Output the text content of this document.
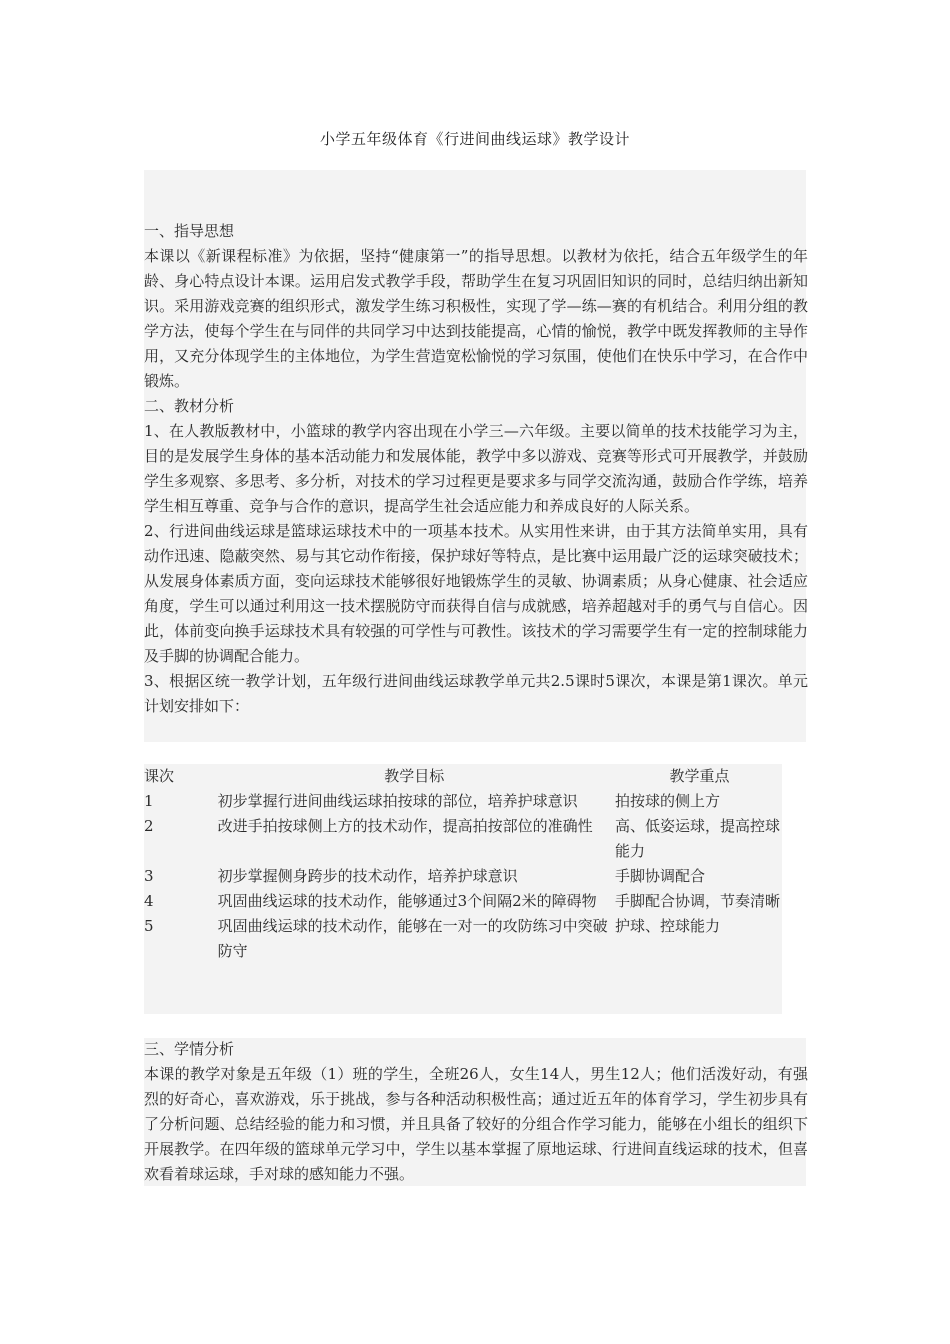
小学五年级体育《行进间曲线运球》教学设计

一、指导思想

本课以《新课程标准》为依据，坚持“健康第一”的指导思想。以教材为依托，结合五年级学生的年龄、身心特点设计本课。运用启发式教学手段，帮助学生在复习巩固旧知识的同时，总结归纳出新知识。采用游戏竞赛的组织形式，激发学生练习积极性，实现了学—练—赛的有机结合。利用分组的教学方法，使每个学生在与同伴的共同学习中达到技能提高，心情的愉悦，教学中既发挥教师的主导作用，又充分体现学生的主体地位，为学生营造宽松愉悦的学习氛围，使他们在快乐中学习，在合作中锻炼。

二、教材分析

1、在人教版教材中，小篮球的教学内容出现在小学三—六年级。主要以简单的技术技能学习为主，目的是发展学生身体的基本活动能力和发展体能，教学中多以游戏、竞赛等形式可开展教学，并鼓励学生多观察、多思考、多分析，对技术的学习过程更是要求多与同学交流沟通，鼓励合作学练，培养学生相互尊重、竞争与合作的意识，提高学生社会适应能力和养成良好的人际关系。

2、行进间曲线运球是篮球运球技术中的一项基本技术。从实用性来讲，由于其方法简单实用，具有动作迅速、隐蔽突然、易与其它动作衔接，保护球好等特点，是比赛中运用最广泛的运球突破技术；从发展身体素质方面，变向运球技术能够很好地锻炼学生的灵敏、协调素质；从身心健康、社会适应角度，学生可以通过利用这一技术摆脱防守而获得自信与成就感，培养超越对手的勇气与自信心。因此，体前变向换手运球技术具有较强的可学性与可教性。该技术的学习需要学生有一定的控制球能力及手脚的协调配合能力。

3、根据区统一教学计划，五年级行进间曲线运球教学单元共2.5课时5课次，本课是第1课次。单元计划安排如下：

课次	教学目标	教学重点
1	初步掌握行进间曲线运球拍按球的部位，培养护球意识	拍按球的侧上方
2	改进手拍按球侧上方的技术动作，提高拍按部位的准确性	高、低姿运球，提高控球能力
3	初步掌握侧身跨步的技术动作，培养护球意识	手脚协调配合
4	巩固曲线运球的技术动作，能够通过3个间隔2米的障碍物	手脚配合协调，节奏清晰
5	巩固曲线运球的技术动作，能够在一对一的攻防练习中突破防守	护球、控球能力

三、学情分析

本课的教学对象是五年级（1）班的学生，全班26人，女生14人，男生12人；他们活泼好动，有强烈的好奇心，喜欢游戏，乐于挑战，参与各种活动积极性高；通过近五年的体育学习，学生初步具有了分析问题、总结经验的能力和习惯，并且具备了较好的分组合作学习能力，能够在小组长的组织下开展教学。在四年级的篮球单元学习中，学生以基本掌握了原地运球、行进间直线运球的技术，但喜欢看着球运球，手对球的感知能力不强。
